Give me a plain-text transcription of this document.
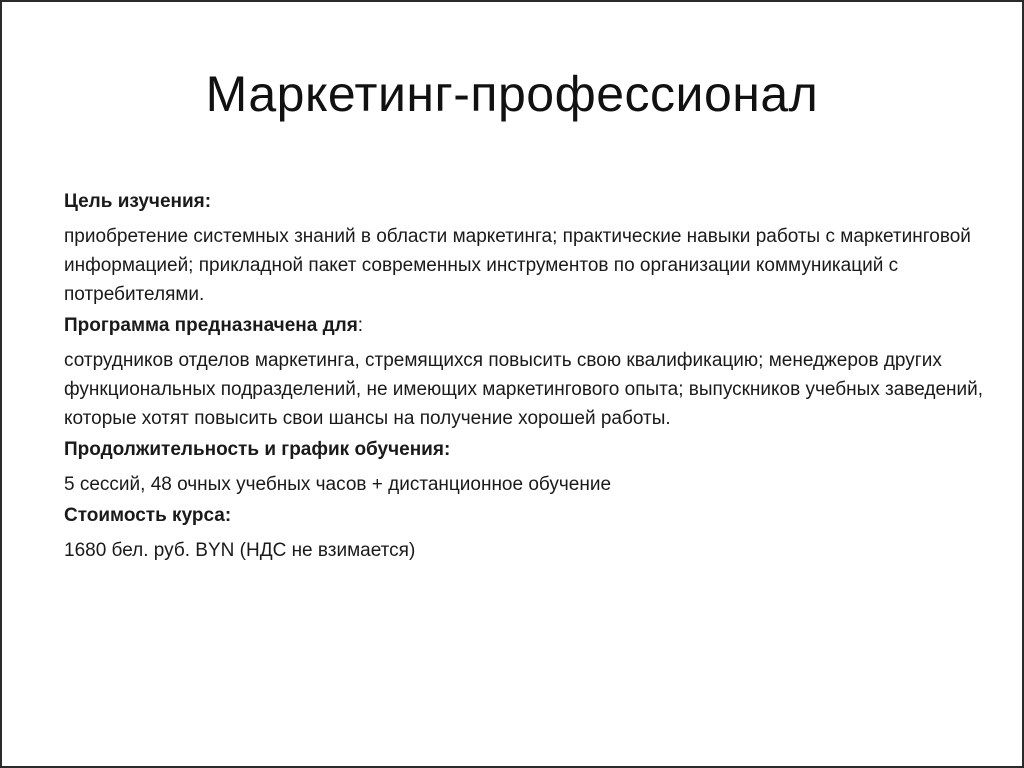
Маркетинг-профессионал
Цель изучения:
приобретение системных знаний в области маркетинга; практические навыки работы с маркетинговой информацией; прикладной пакет современных инструментов по организации коммуникаций с потребителями.
Программа предназначена для:
сотрудников отделов маркетинга, стремящихся повысить свою квалификацию; менеджеров других функциональных подразделений, не имеющих маркетингового опыта; выпускников учебных заведений, которые хотят повысить свои шансы на получение хорошей работы.
Продолжительность и график обучения:
5 сессий, 48 очных учебных часов + дистанционное обучение
Стоимость курса:
1680 бел. руб. BYN (НДС не взимается)
